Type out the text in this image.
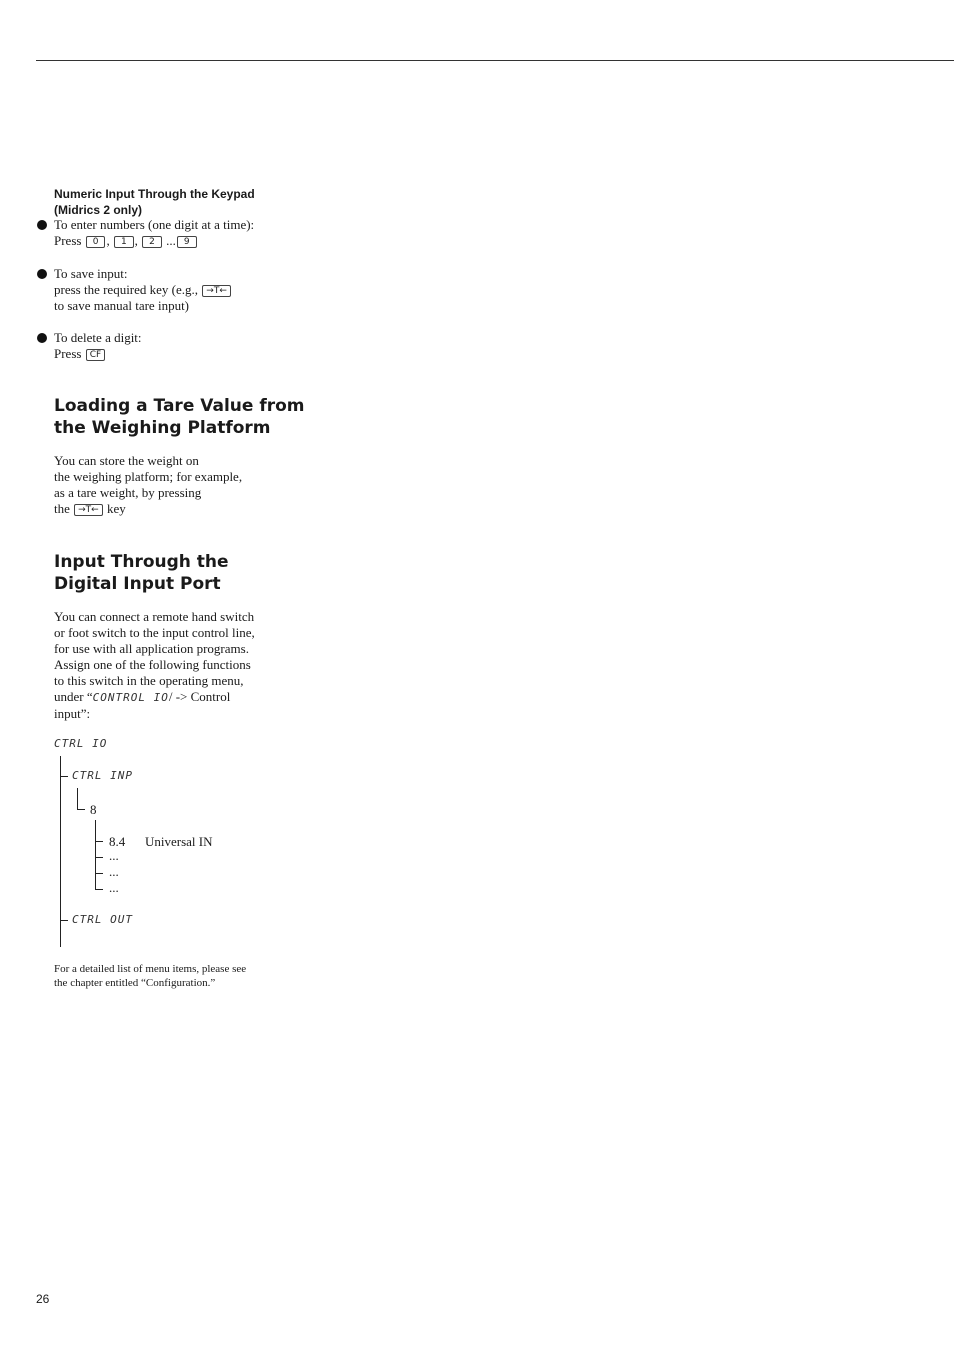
Numeric Input Through the Keypad
(Midrics 2 only)
To enter numbers (one digit at a time):
Press 0 , 1 , 2 ... 9
To save input:
press the required key (e.g., →T←
to save manual tare input)
To delete a digit:
Press CF
Loading a Tare Value from
the Weighing Platform
You can store the weight on
the weighing platform; for example,
as a tare weight, by pressing
the →T← key
Input Through the
Digital Input Port
You can connect a remote hand switch
or foot switch to the input control line,
for use with all application programs.
Assign one of the following functions
to this switch in the operating menu,
under “CONTROL IO/ -> Control
input”:
CTRL IO
CTRL INP
8
8.4 Universal IN
...
...
...
CTRL OUT
For a detailed list of menu items, please see
the chapter entitled “Configuration.”
26
